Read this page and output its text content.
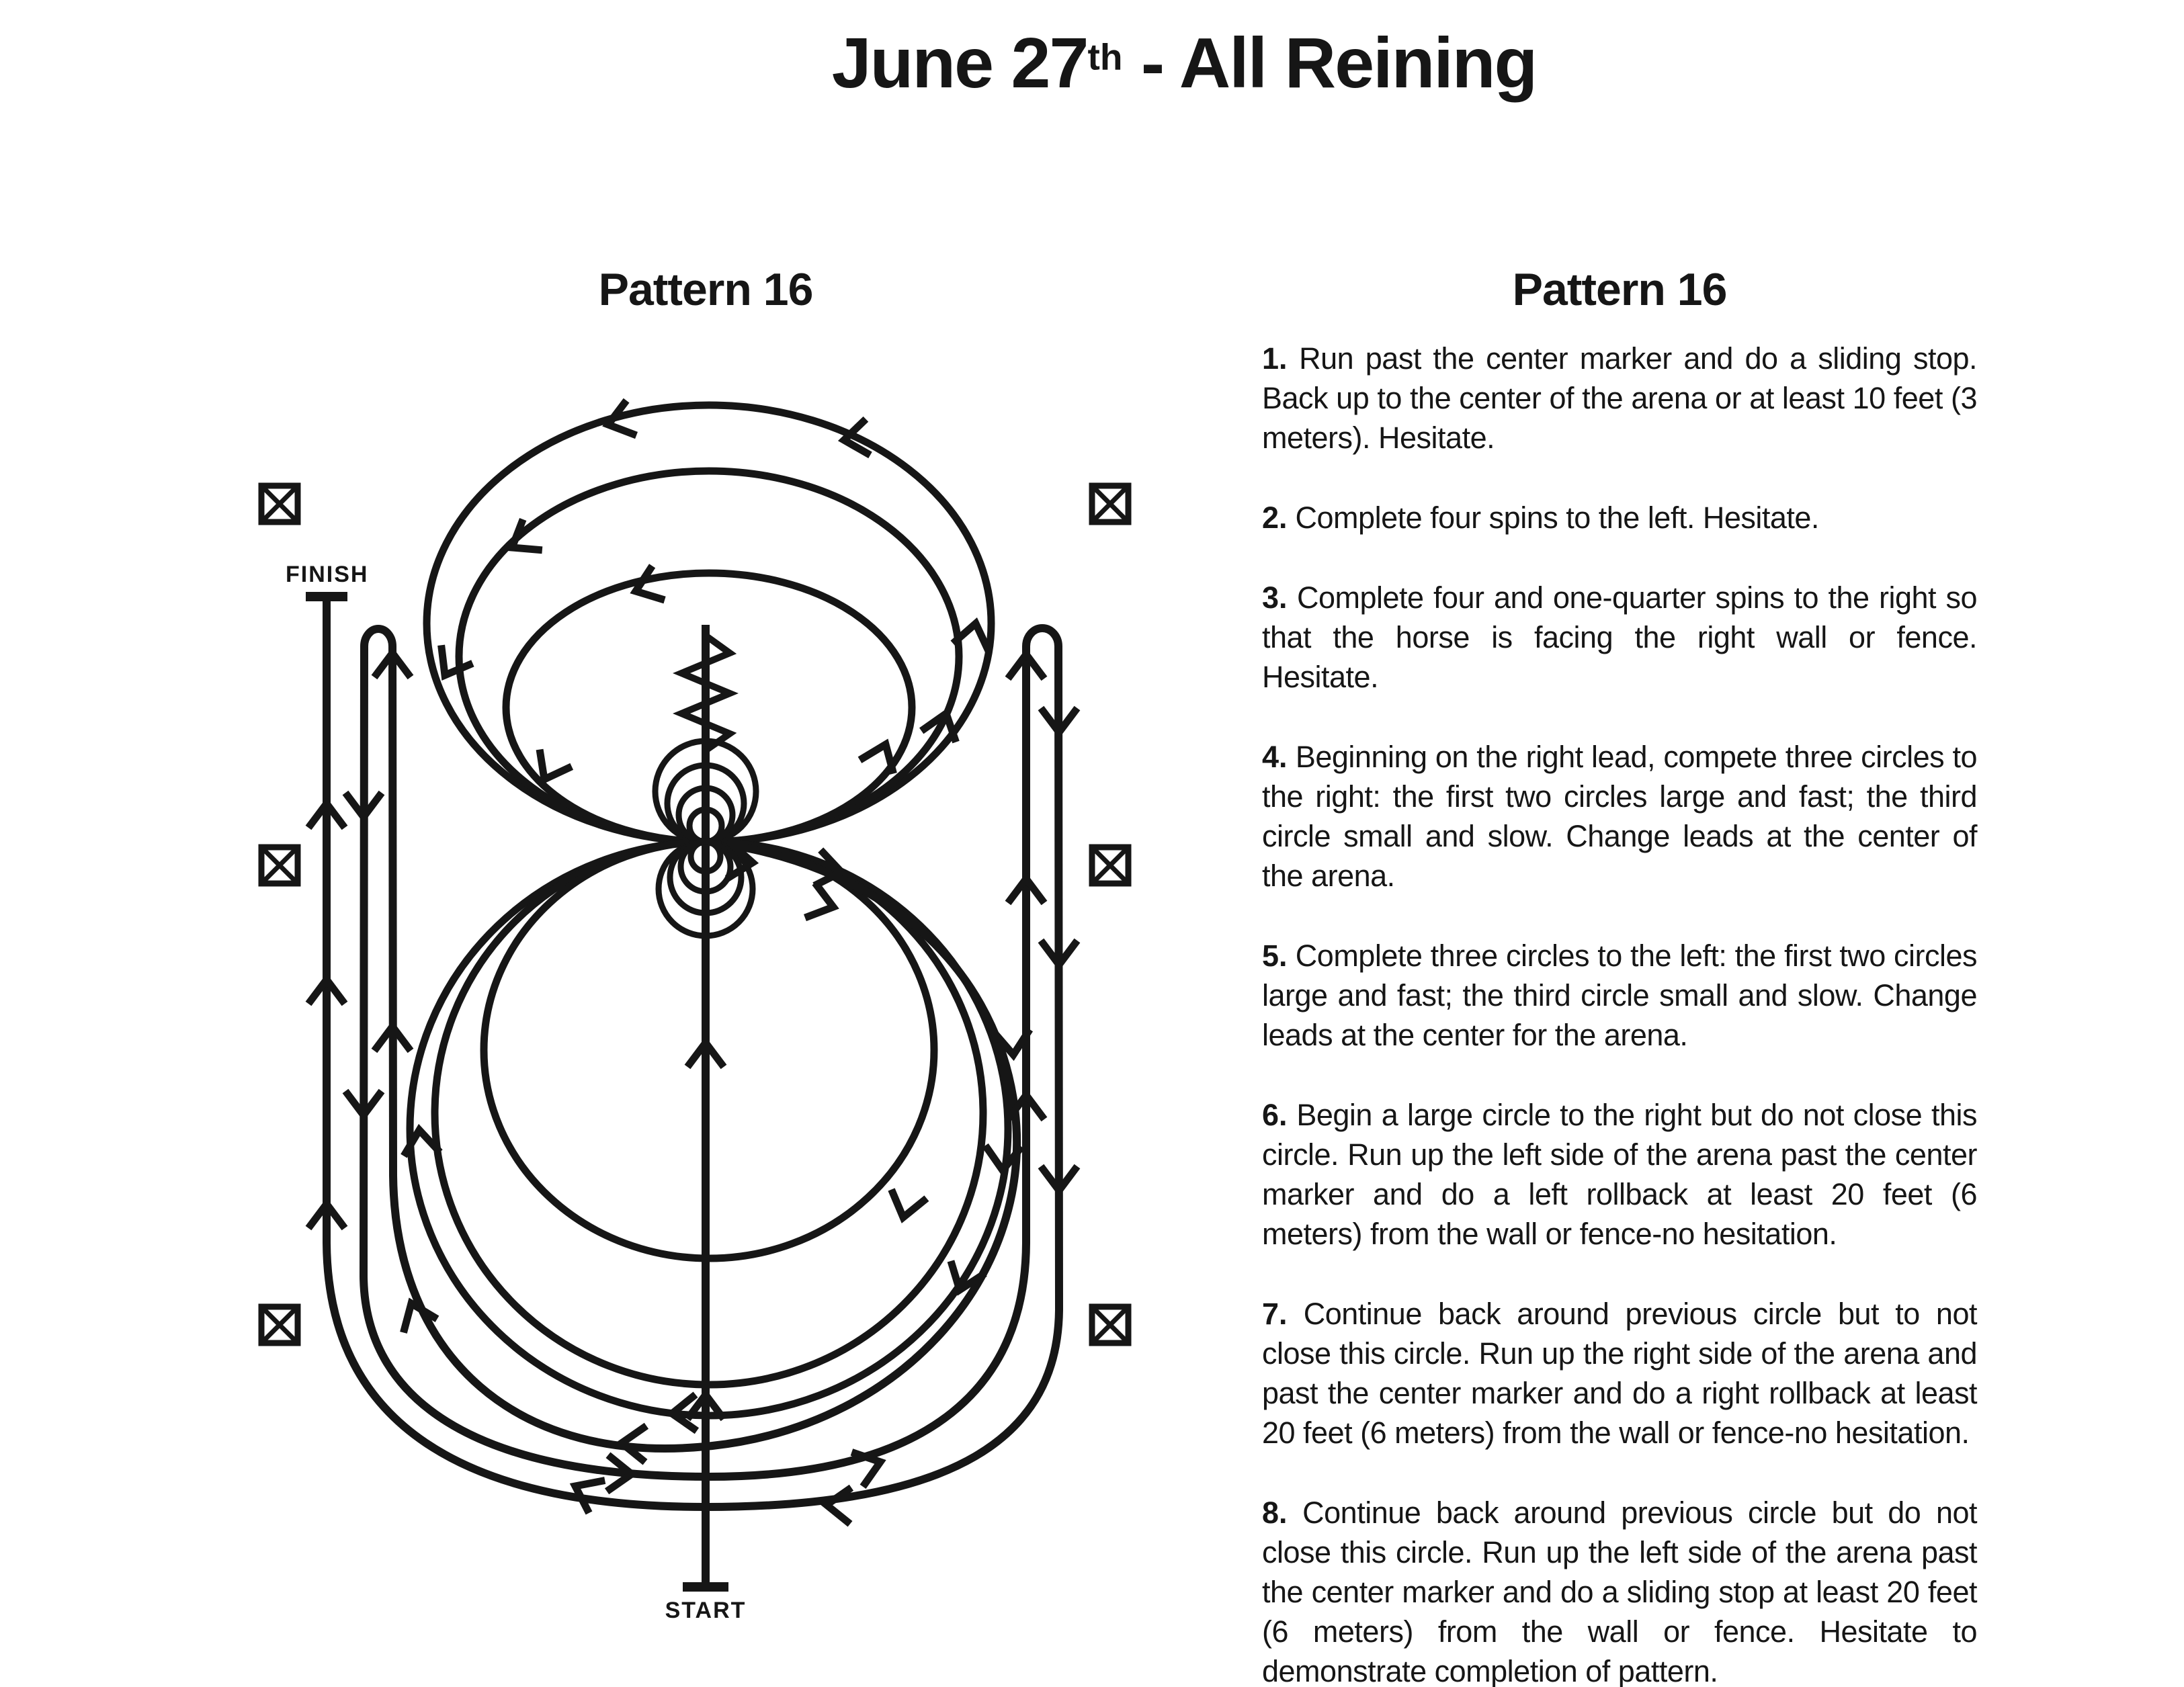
June 27th - All Reining
Pattern 16
FINISH
START
Pattern 16

1. Run past the center marker and do a sliding stop. Back up to the center of the arena or at least 10 feet (3 meters). Hesitate.

2. Complete four spins to the left. Hesitate.

3. Complete four and one-quarter spins to the right so that the horse is facing the right wall or fence. Hesitate.

4. Beginning on the right lead, compete three circles to the right: the first two circles large and fast; the third circle small and slow. Change leads at the center of the arena.

5. Complete three circles to the left: the first two circles large and fast; the third circle small and slow. Change leads at the center for the arena.

6. Begin a large circle to the right but do not close this circle. Run up the left side of the arena past the center marker and do a left rollback at least 20 feet (6 meters) from the wall or fence-no hesitation.

7. Continue back around previous circle but to not close this circle. Run up the right side of the arena and past the center marker and do a right rollback at least 20 feet (6 meters) from the wall or fence-no hesitation.

8. Continue back around previous circle but do not close this circle. Run up the left side of the arena past the center marker and do a sliding stop at least 20 feet (6 meters) from the wall or fence. Hesitate to demonstrate completion of pattern.
